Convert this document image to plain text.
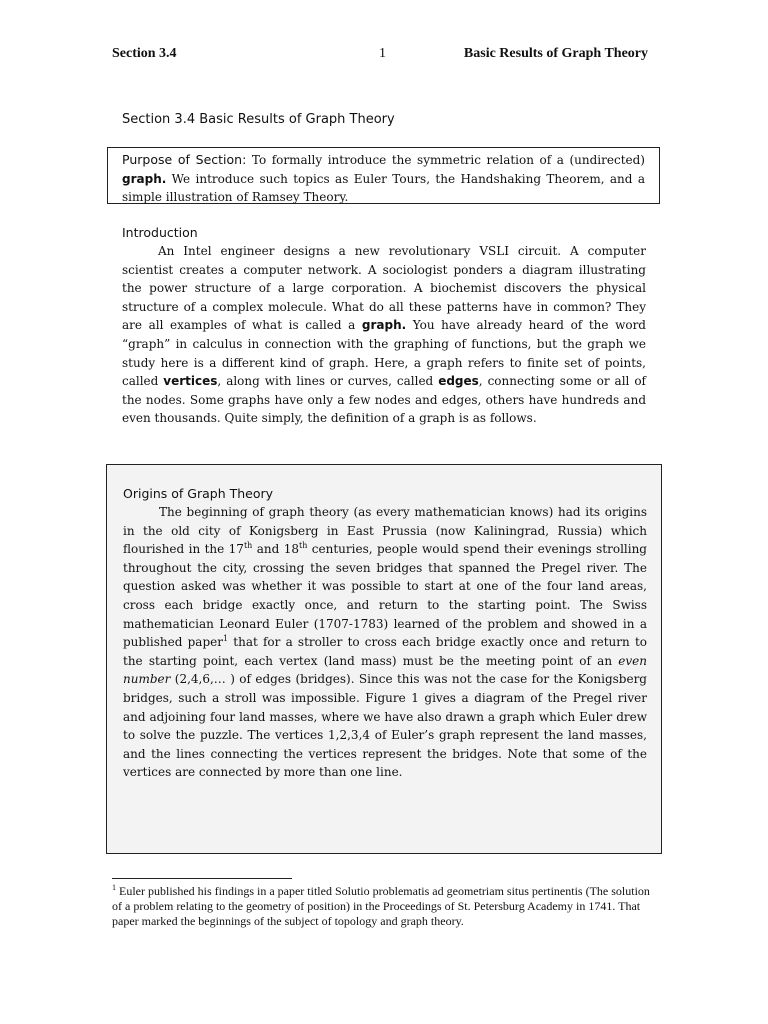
Section 3.4	1	Basic Results of Graph Theory
Section 3.4 Basic Results of Graph Theory
Purpose of Section: To formally introduce the symmetric relation of a (undirected) graph. We introduce such topics as Euler Tours, the Handshaking Theorem, and a simple illustration of Ramsey Theory.
Introduction

An Intel engineer designs a new revolutionary VSLI circuit. A computer scientist creates a computer network. A sociologist ponders a diagram illustrating the power structure of a large corporation. A biochemist discovers the physical structure of a complex molecule. What do all these patterns have in common? They are all examples of what is called a graph. You have already heard of the word “graph” in calculus in connection with the graphing of functions, but the graph we study here is a different kind of graph. Here, a graph refers to finite set of points, called vertices, along with lines or curves, called edges, connecting some or all of the nodes. Some graphs have only a few nodes and edges, others have hundreds and even thousands. Quite simply, the definition of a graph is as follows.

Origins of Graph Theory

The beginning of graph theory (as every mathematician knows) had its origins in the old city of Konigsberg in East Prussia (now Kaliningrad, Russia) which flourished in the 17th and 18th centuries, people would spend their evenings strolling throughout the city, crossing the seven bridges that spanned the Pregel river. The question asked was whether it was possible to start at one of the four land areas, cross each bridge exactly once, and return to the starting point. The Swiss mathematician Leonard Euler (1707-1783) learned of the problem and showed in a published paper$^1$ that for a stroller to cross each bridge exactly once and return to the starting point, each vertex (land mass) must be the meeting point of an even number (2,4,6,… ) of edges (bridges). Since this was not the case for the Konigsberg bridges, such a stroll was impossible. Figure 1 gives a diagram of the Pregel river and adjoining four land masses, where we have also drawn a graph which Euler drew to solve the puzzle. The vertices 1,2,3,4 of Euler’s graph represent the land masses, and the lines connecting the vertices represent the bridges. Note that some of the vertices are connected by more than one line.

$^1$ Euler published his findings in a paper titled Solutio problematis ad geometriam situs pertinentis (The solution of a problem relating to the geometry of position) in the Proceedings of St. Petersburg Academy in 1741. That paper marked the beginnings of the subject of topology and graph theory.
